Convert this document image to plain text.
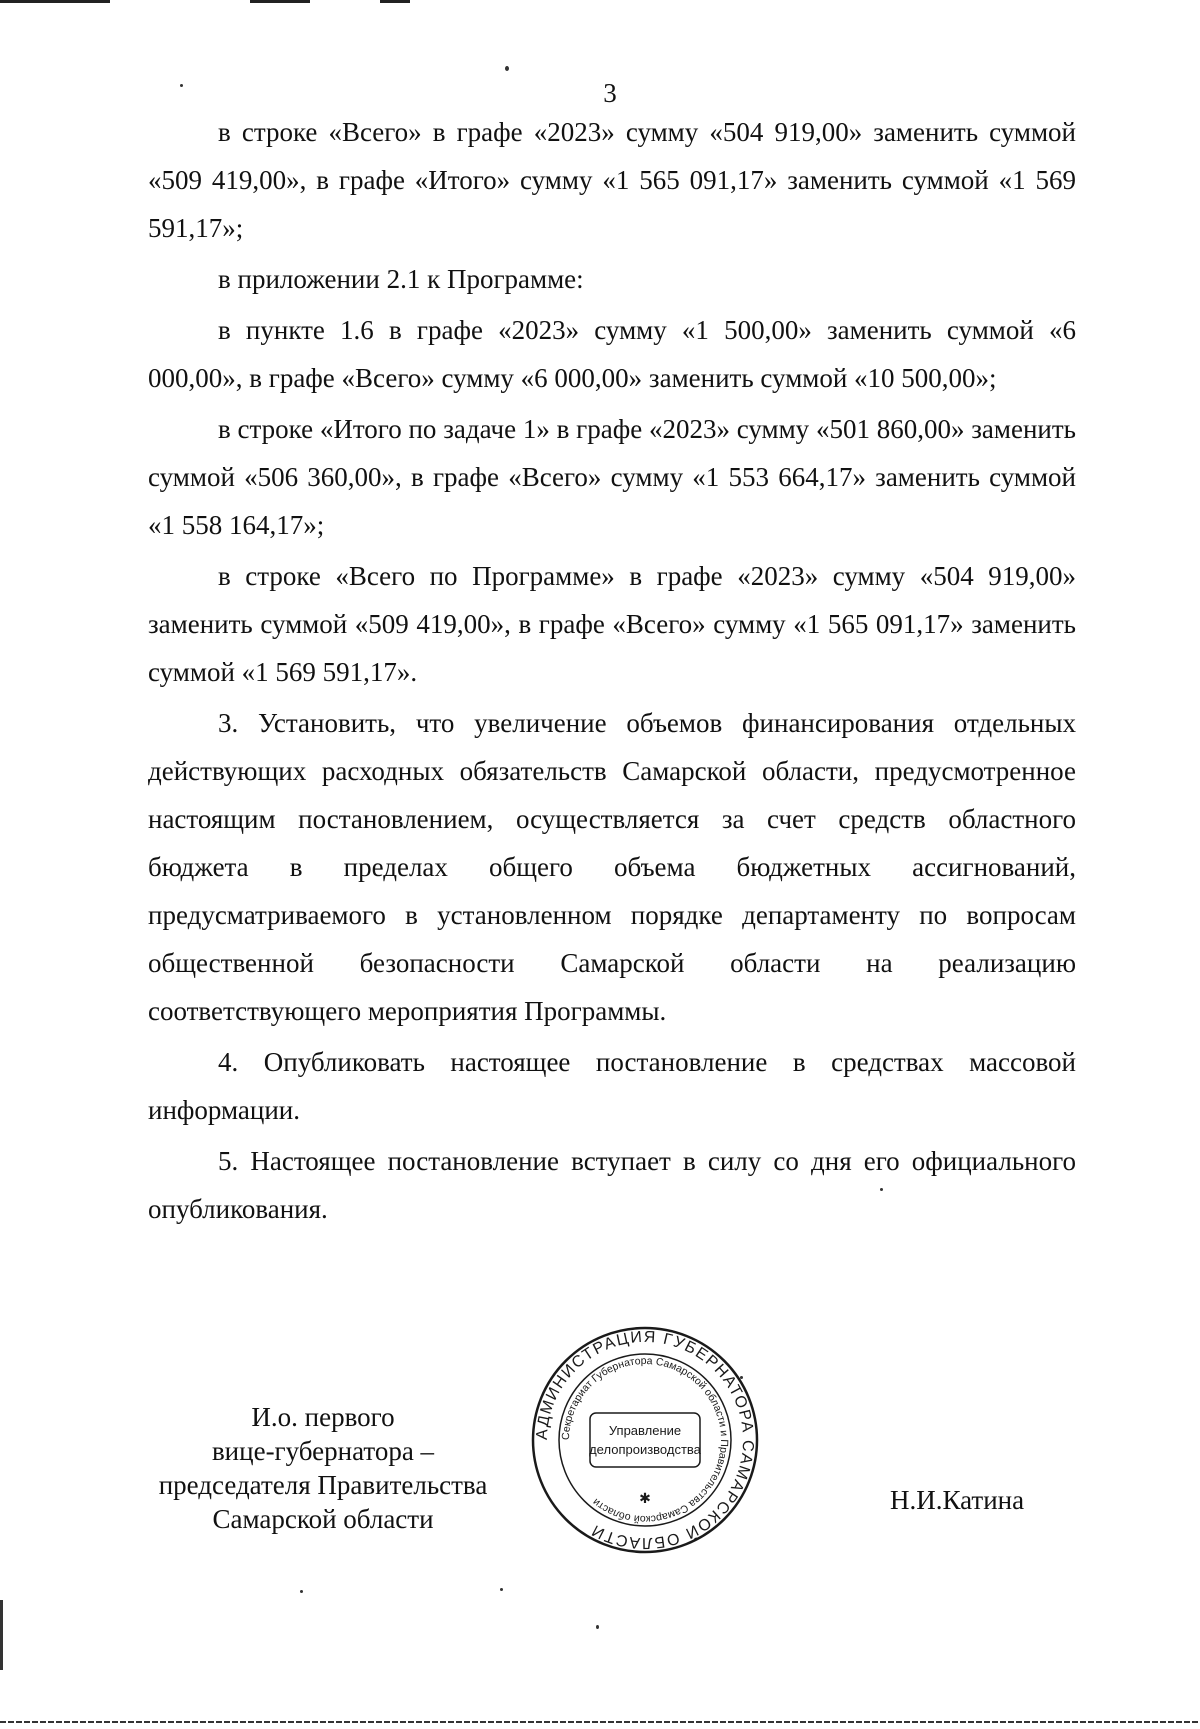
3

в строке «Всего» в графе «2023» сумму «504 919,00» заменить суммой «509 419,00», в графе «Итого» сумму «1 565 091,17» заменить суммой «1 569 591,17»;

в приложении 2.1 к Программе:

в пункте 1.6 в графе «2023» сумму «1 500,00» заменить суммой «6 000,00», в графе «Всего» сумму «6 000,00» заменить суммой «10 500,00»;

в строке «Итого по задаче 1» в графе «2023» сумму «501 860,00» заменить суммой «506 360,00», в графе «Всего» сумму «1 553 664,17» заменить суммой «1 558 164,17»;

в строке «Всего по Программе» в графе «2023» сумму «504 919,00» заменить суммой «509 419,00», в графе «Всего» сумму «1 565 091,17» заменить суммой «1 569 591,17».

3. Установить, что увеличение объемов финансирования отдельных действующих расходных обязательств Самарской области, предусмотренное настоящим постановлением, осуществляется за счет средств областного бюджета в пределах общего объема бюджетных ассигнований, предусматриваемого в установленном порядке департаменту по вопросам общественной безопасности Самарской области на реализацию соответствующего мероприятия Программы.

4. Опубликовать настоящее постановление в средствах массовой информации.

5. Настоящее постановление вступает в силу со дня его официального опубликования.

И.о. первого
вице-губернатора –
председателя Правительства
Самарской области
АДМИНИСТРАЦИЯ ГУБЕРНАТОРА САМАРСКОЙ ОБЛАСТИ
Секретариат Губернатора Самарской области и Правительства Самарской области
Управление
делопроизводства
✱	Н.И.Катина
